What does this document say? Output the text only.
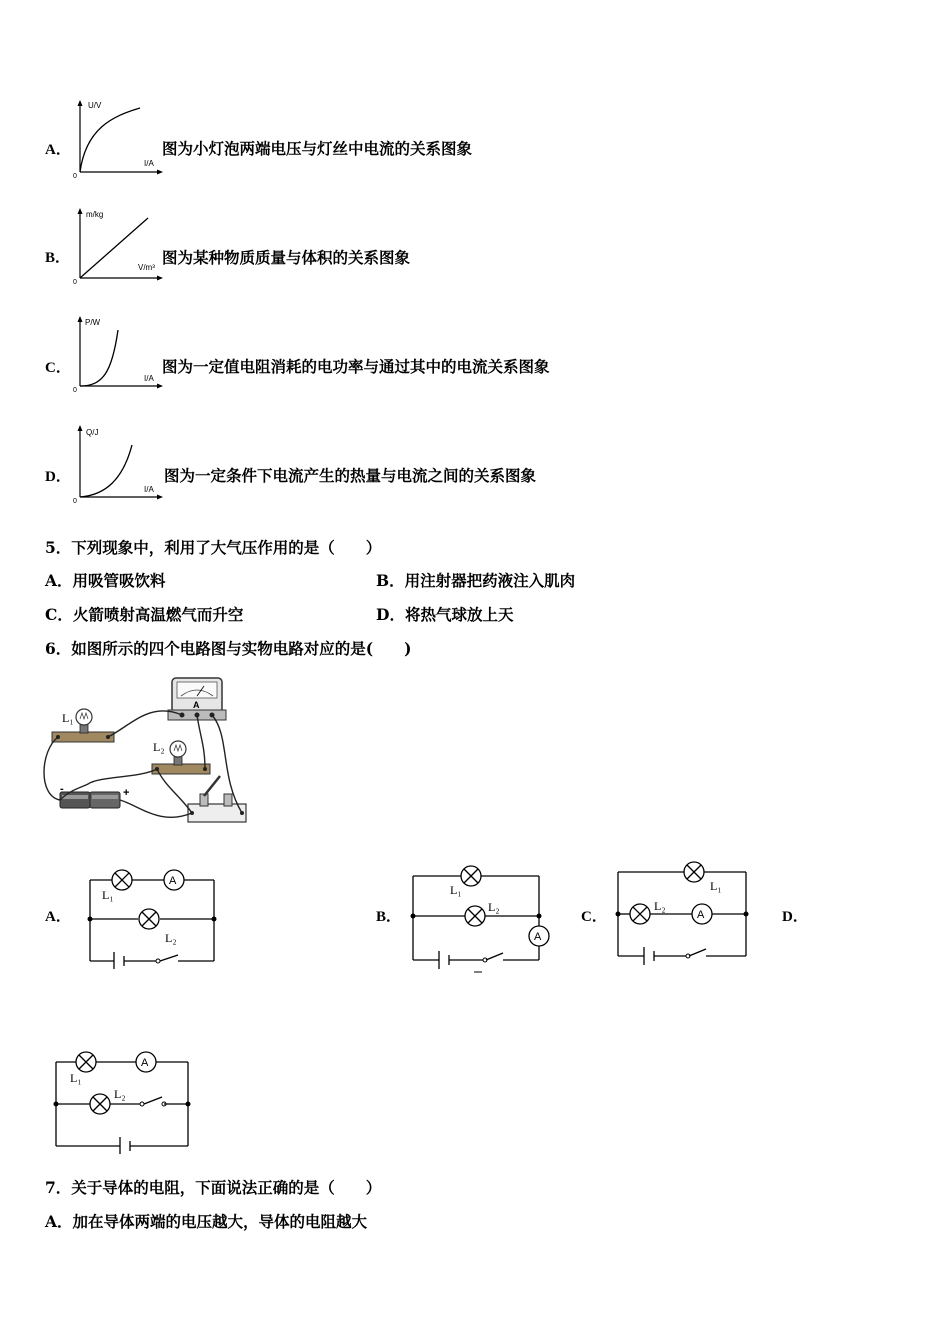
A．
U/V
I/A
0
图为小灯泡两端电压与灯丝中电流的关系图象
B．
m/kg
V/m³
0
图为某种物质质量与体积的关系图象
C．
P/W
I/A
0
图为一定值电阻消耗的电功率与通过其中的电流关系图象
D．
Q/J
I/A
0
图为一定条件下电流产生的热量与电流之间的关系图象
5．下列现象中，利用了大气压作用的是（　　）
A．用吸管吸饮料	B．用注射器把药液注入肌肉
C．火箭喷射高温燃气而升空	D．将热气球放上天
6．如图所示的四个电路图与实物电路对应的是(　　)
A
L₁
L₂
-	+
A．
A
L₁
L₂
B．
A
L₁
L₂
C．	A
L₁
L₂
D．
A
L₁
L₂
7．关于导体的电阻，下面说法正确的是（　　）
A．加在导体两端的电压越大，导体的电阻越大
